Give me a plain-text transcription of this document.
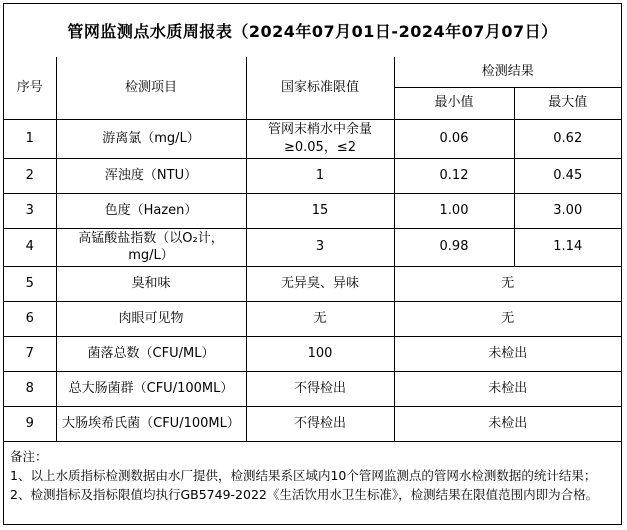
管网监测点水质周报表（2024年07月01日-2024年07月07日）
序号	检测项目	国家标准限值	检测结果	
			最小值	最大值
1	游离氯（mg/L）	管网末梢水中余量≥0.05，≤2	0.06	0.62
2	浑浊度（NTU）	1	0.12	0.45
3	色度（Hazen）	15	1.00	3.00
4	高锰酸盐指数（以O₂计，mg/L）	3	0.98	1.14
5	臭和味	无异臭、异味	无	
6	肉眼可见物	无	无	
7	菌落总数（CFU/ML）	100	未检出	
8	总大肠菌群（CFU/100ML）	不得检出	未检出	
9	大肠埃希氏菌（CFU/100ML）	不得检出	未检出	
备注：
1、以上水质指标检测数据由水厂提供，检测结果系区域内10个管网监测点的管网水检测数据的统计结果；
2、检测指标及指标限值均执行GB5749-2022《生活饮用水卫生标准》，检测结果在限值范围内即为合格。
